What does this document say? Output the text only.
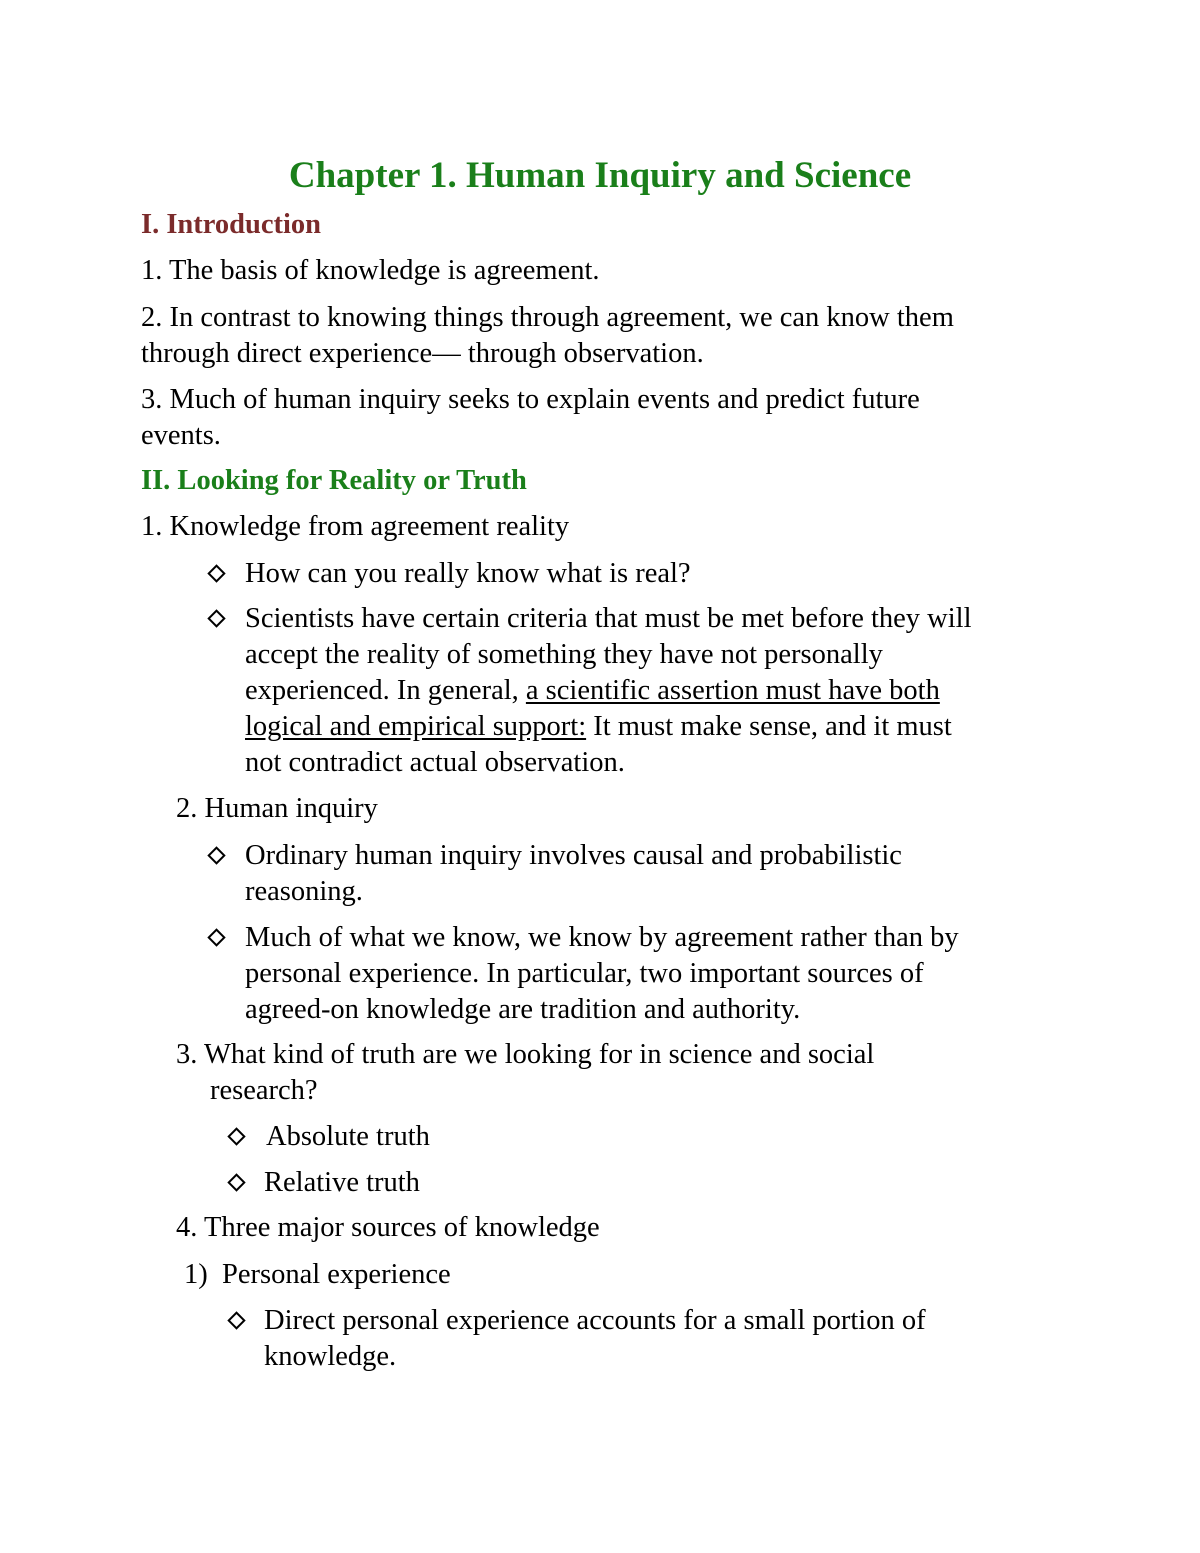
Chapter 1. Human Inquiry and Science
I. Introduction
1. The basis of knowledge is agreement.
2. In contrast to knowing things through agreement, we can know them
through direct experience— through observation.
3. Much of human inquiry seeks to explain events and predict future
events.
II. Looking for Reality or Truth
1. Knowledge from agreement reality
How can you really know what is real?
Scientists have certain criteria that must be met before they will
accept the reality of something they have not personally
experienced. In general, a scientific assertion must have both
logical and empirical support: It must make sense, and it must
not contradict actual observation.
2. Human inquiry
Ordinary human inquiry involves causal and probabilistic
reasoning.
Much of what we know, we know by agreement rather than by
personal experience. In particular, two important sources of
agreed-on knowledge are tradition and authority.
3. What kind of truth are we looking for in science and social
research?
Absolute truth
Relative truth
4. Three major sources of knowledge
1)  Personal experience
Direct personal experience accounts for a small portion of
knowledge.
